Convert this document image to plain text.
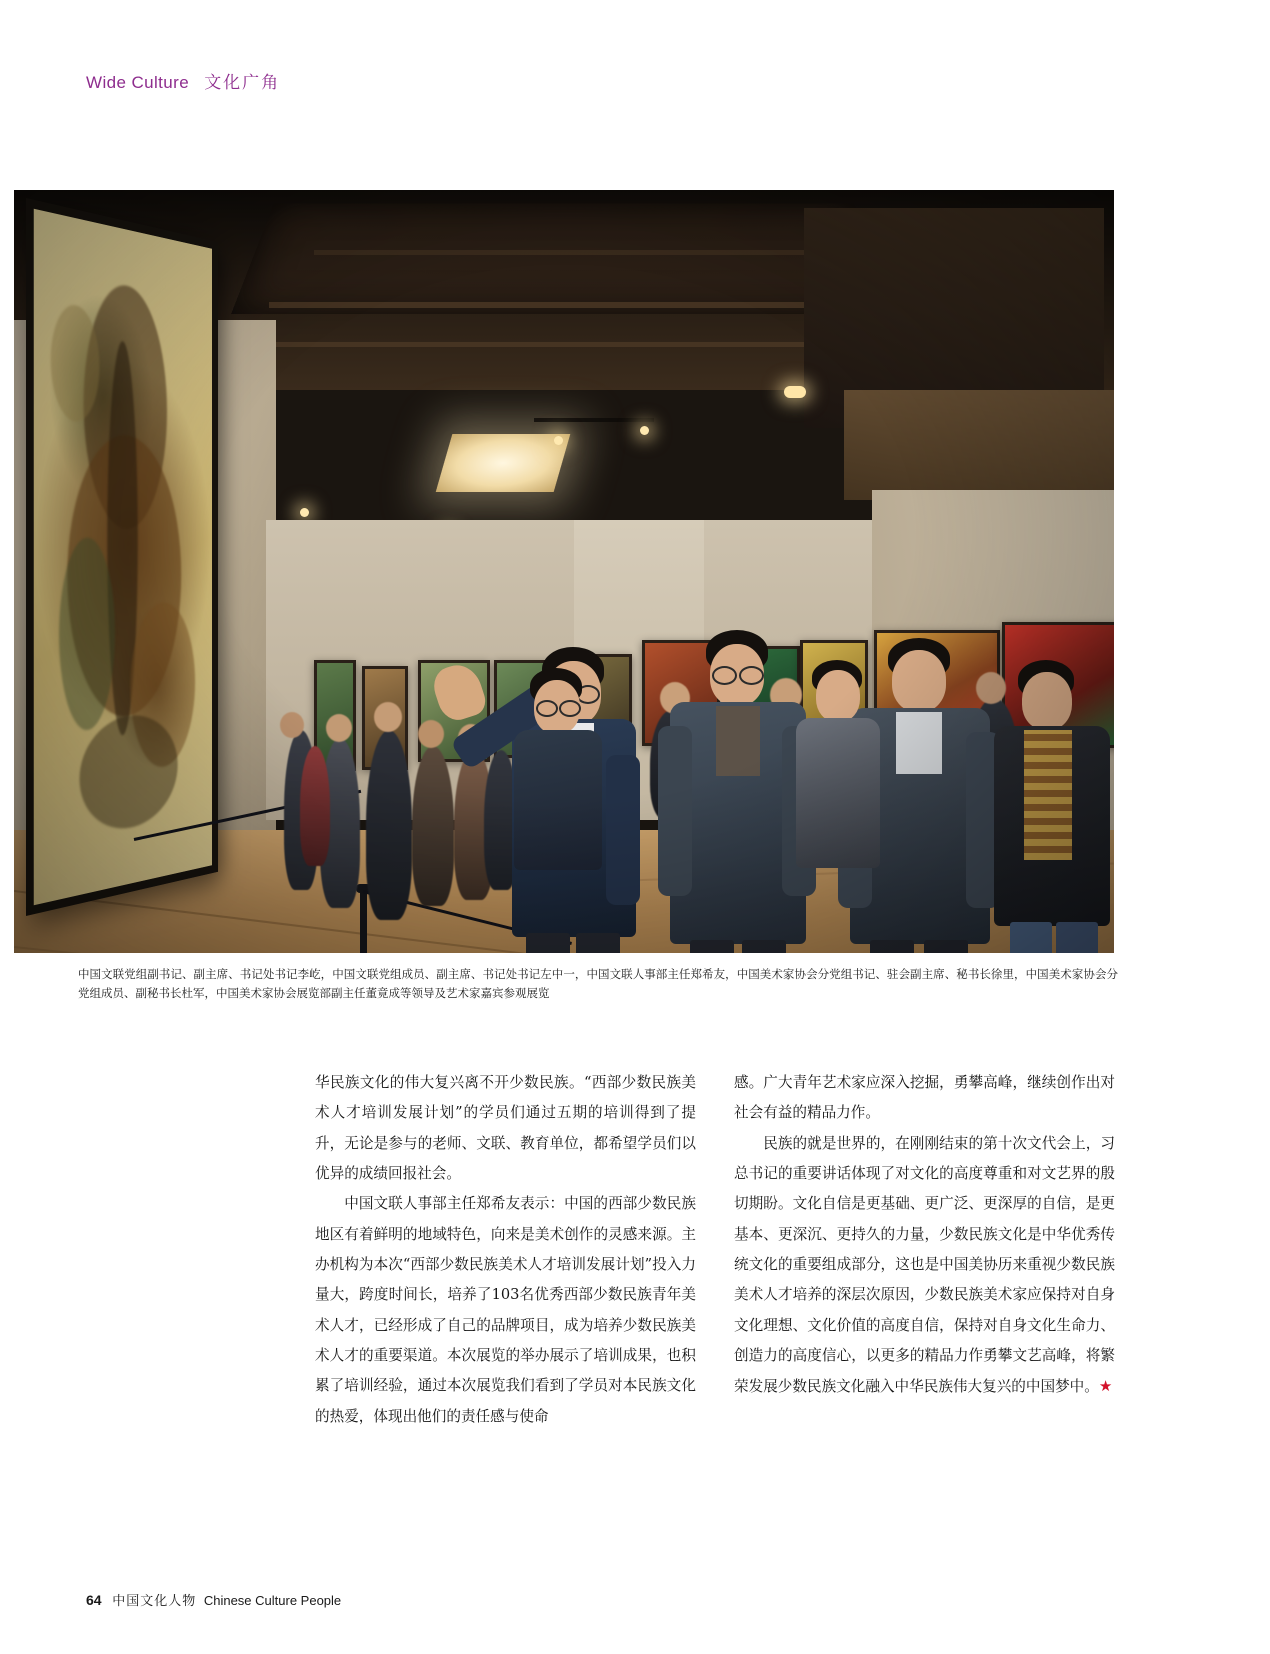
Wide Culture 文化广角
中国文联党组副书记、副主席、书记处书记李屹，中国文联党组成员、副主席、书记处书记左中一，中国文联人事部主任郑希友，中国美术家协会分党组书记、驻会副主席、秘书长徐里，中国美术家协会分党组成员、副秘书长杜军，中国美术家协会展览部副主任董竟成等领导及艺术家嘉宾参观展览

华民族文化的伟大复兴离不开少数民族。“西部少数民族美术人才培训发展计划”的学员们通过五期的培训得到了提升，无论是参与的老师、文联、教育单位，都希望学员们以优异的成绩回报社会。

中国文联人事部主任郑希友表示：中国的西部少数民族地区有着鲜明的地域特色，向来是美术创作的灵感来源。主办机构为本次“西部少数民族美术人才培训发展计划”投入力量大，跨度时间长，培养了103名优秀西部少数民族青年美术人才，已经形成了自己的品牌项目，成为培养少数民族美术人才的重要渠道。本次展览的举办展示了培训成果，也积累了培训经验，通过本次展览我们看到了学员对本民族文化的热爱，体现出他们的责任感与使命

感。广大青年艺术家应深入挖掘，勇攀高峰，继续创作出对社会有益的精品力作。

民族的就是世界的，在刚刚结束的第十次文代会上，习总书记的重要讲话体现了对文化的高度尊重和对文艺界的殷切期盼。文化自信是更基础、更广泛、更深厚的自信，是更基本、更深沉、更持久的力量，少数民族文化是中华优秀传统文化的重要组成部分，这也是中国美协历来重视少数民族美术人才培养的深层次原因，少数民族美术家应保持对自身文化理想、文化价值的高度自信，保持对自身文化生命力、创造力的高度信心，以更多的精品力作勇攀文艺高峰，将繁荣发展少数民族文化融入中华民族伟大复兴的中国梦中。★

64 中国文化人物 Chinese Culture People
